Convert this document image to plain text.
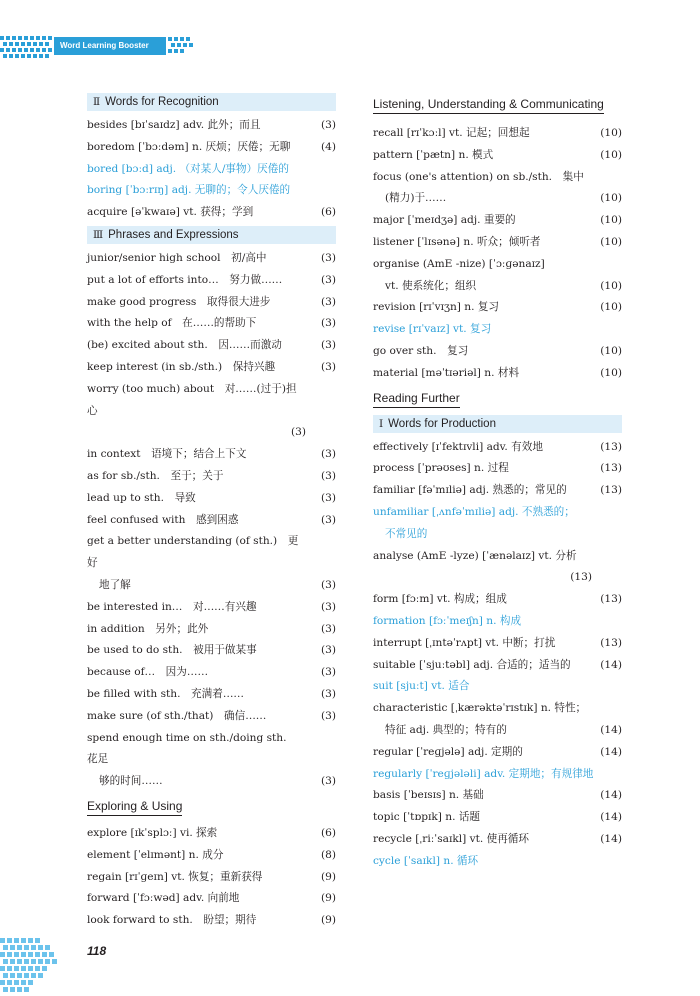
Word Learning Booster
Ⅱ Words for Recognition
besides [bɪˈsaɪdz] adv. 此外；而且	(3)
boredom [ˈbɔːdəm] n. 厌烦；厌倦；无聊	(4)
bored [bɔːd] adj. （对某人/事物）厌倦的
boring [ˈbɔːrɪŋ] adj. 无聊的；令人厌倦的
acquire [əˈkwaɪə] vt. 获得；学到	(6)
Ⅲ Phrases and Expressions
junior/senior high school　初/高中	(3)
put a lot of efforts into…　努力做……	(3)
make good progress　取得很大进步	(3)
with the help of　在……的帮助下	(3)
(be) excited about sth.　因……而激动	(3)
keep interest (in sb./sth.)　保持兴趣	(3)
worry (too much) about　对……(过于)担心
(3)
in context　语境下；结合上下文	(3)
as for sb./sth.　至于；关于	(3)
lead up to sth.　导致	(3)
feel confused with　感到困惑	(3)
get a better understanding (of sth.)　更好
地了解	(3)
be interested in…　对……有兴趣	(3)
in addition　另外；此外	(3)
be used to do sth.　被用于做某事	(3)
because of…　因为……	(3)
be filled with sth.　充满着……	(3)
make sure (of sth./that)　确信……	(3)
spend enough time on sth./doing sth.　花足
够的时间……	(3)
Exploring & Using
explore [ɪkˈsplɔː] vi. 探索	(6)
element [ˈelɪmənt] n. 成分	(8)
regain [rɪˈɡeɪn] vt. 恢复；重新获得	(9)
forward [ˈfɔːwəd] adv. 向前地	(9)
look forward to sth.　盼望；期待	(9)
Listening, Understanding & Communicating
recall [rɪˈkɔːl] vt. 记起；回想起	(10)
pattern [ˈpætn] n. 模式	(10)
focus (one's attention) on sb./sth.　集中
(精力)于……	(10)
major [ˈmeɪdʒə] adj. 重要的	(10)
listener [ˈlɪsənə] n. 听众；倾听者	(10)
organise (AmE -nize) [ˈɔːɡənaɪz]
vt. 使系统化；组织	(10)
revision [rɪˈvɪʒn] n. 复习	(10)
revise [rɪˈvaɪz] vt. 复习
go over sth.　复习	(10)
material [məˈtɪəriəl] n. 材料	(10)
Reading Further
Ⅰ Words for Production
effectively [ɪˈfektɪvli] adv. 有效地	(13)
process [ˈprəʊses] n. 过程	(13)
familiar [fəˈmɪliə] adj. 熟悉的；常见的	(13)
unfamiliar [ˌʌnfəˈmɪliə] adj. 不熟悉的；
不常见的
analyse (AmE -lyze) [ˈænəlaɪz] vt. 分析
(13)
form [fɔːm] vt. 构成；组成	(13)
formation [fɔːˈmeɪʃn] n. 构成
interrupt [ˌɪntəˈrʌpt] vt. 中断；打扰	(13)
suitable [ˈsjuːtəbl] adj. 合适的；适当的	(14)
suit [sjuːt] vt. 适合
characteristic [ˌkærəktəˈrɪstɪk] n. 特性；
特征 adj. 典型的；特有的	(14)
regular [ˈreɡjələ] adj. 定期的	(14)
regularly [ˈreɡjələli] adv. 定期地；有规律地
basis [ˈbeɪsɪs] n. 基础	(14)
topic [ˈtɒpɪk] n. 话题	(14)
recycle [ˌriːˈsaɪkl] vt. 使再循环	(14)
cycle [ˈsaɪkl] n. 循环
118
